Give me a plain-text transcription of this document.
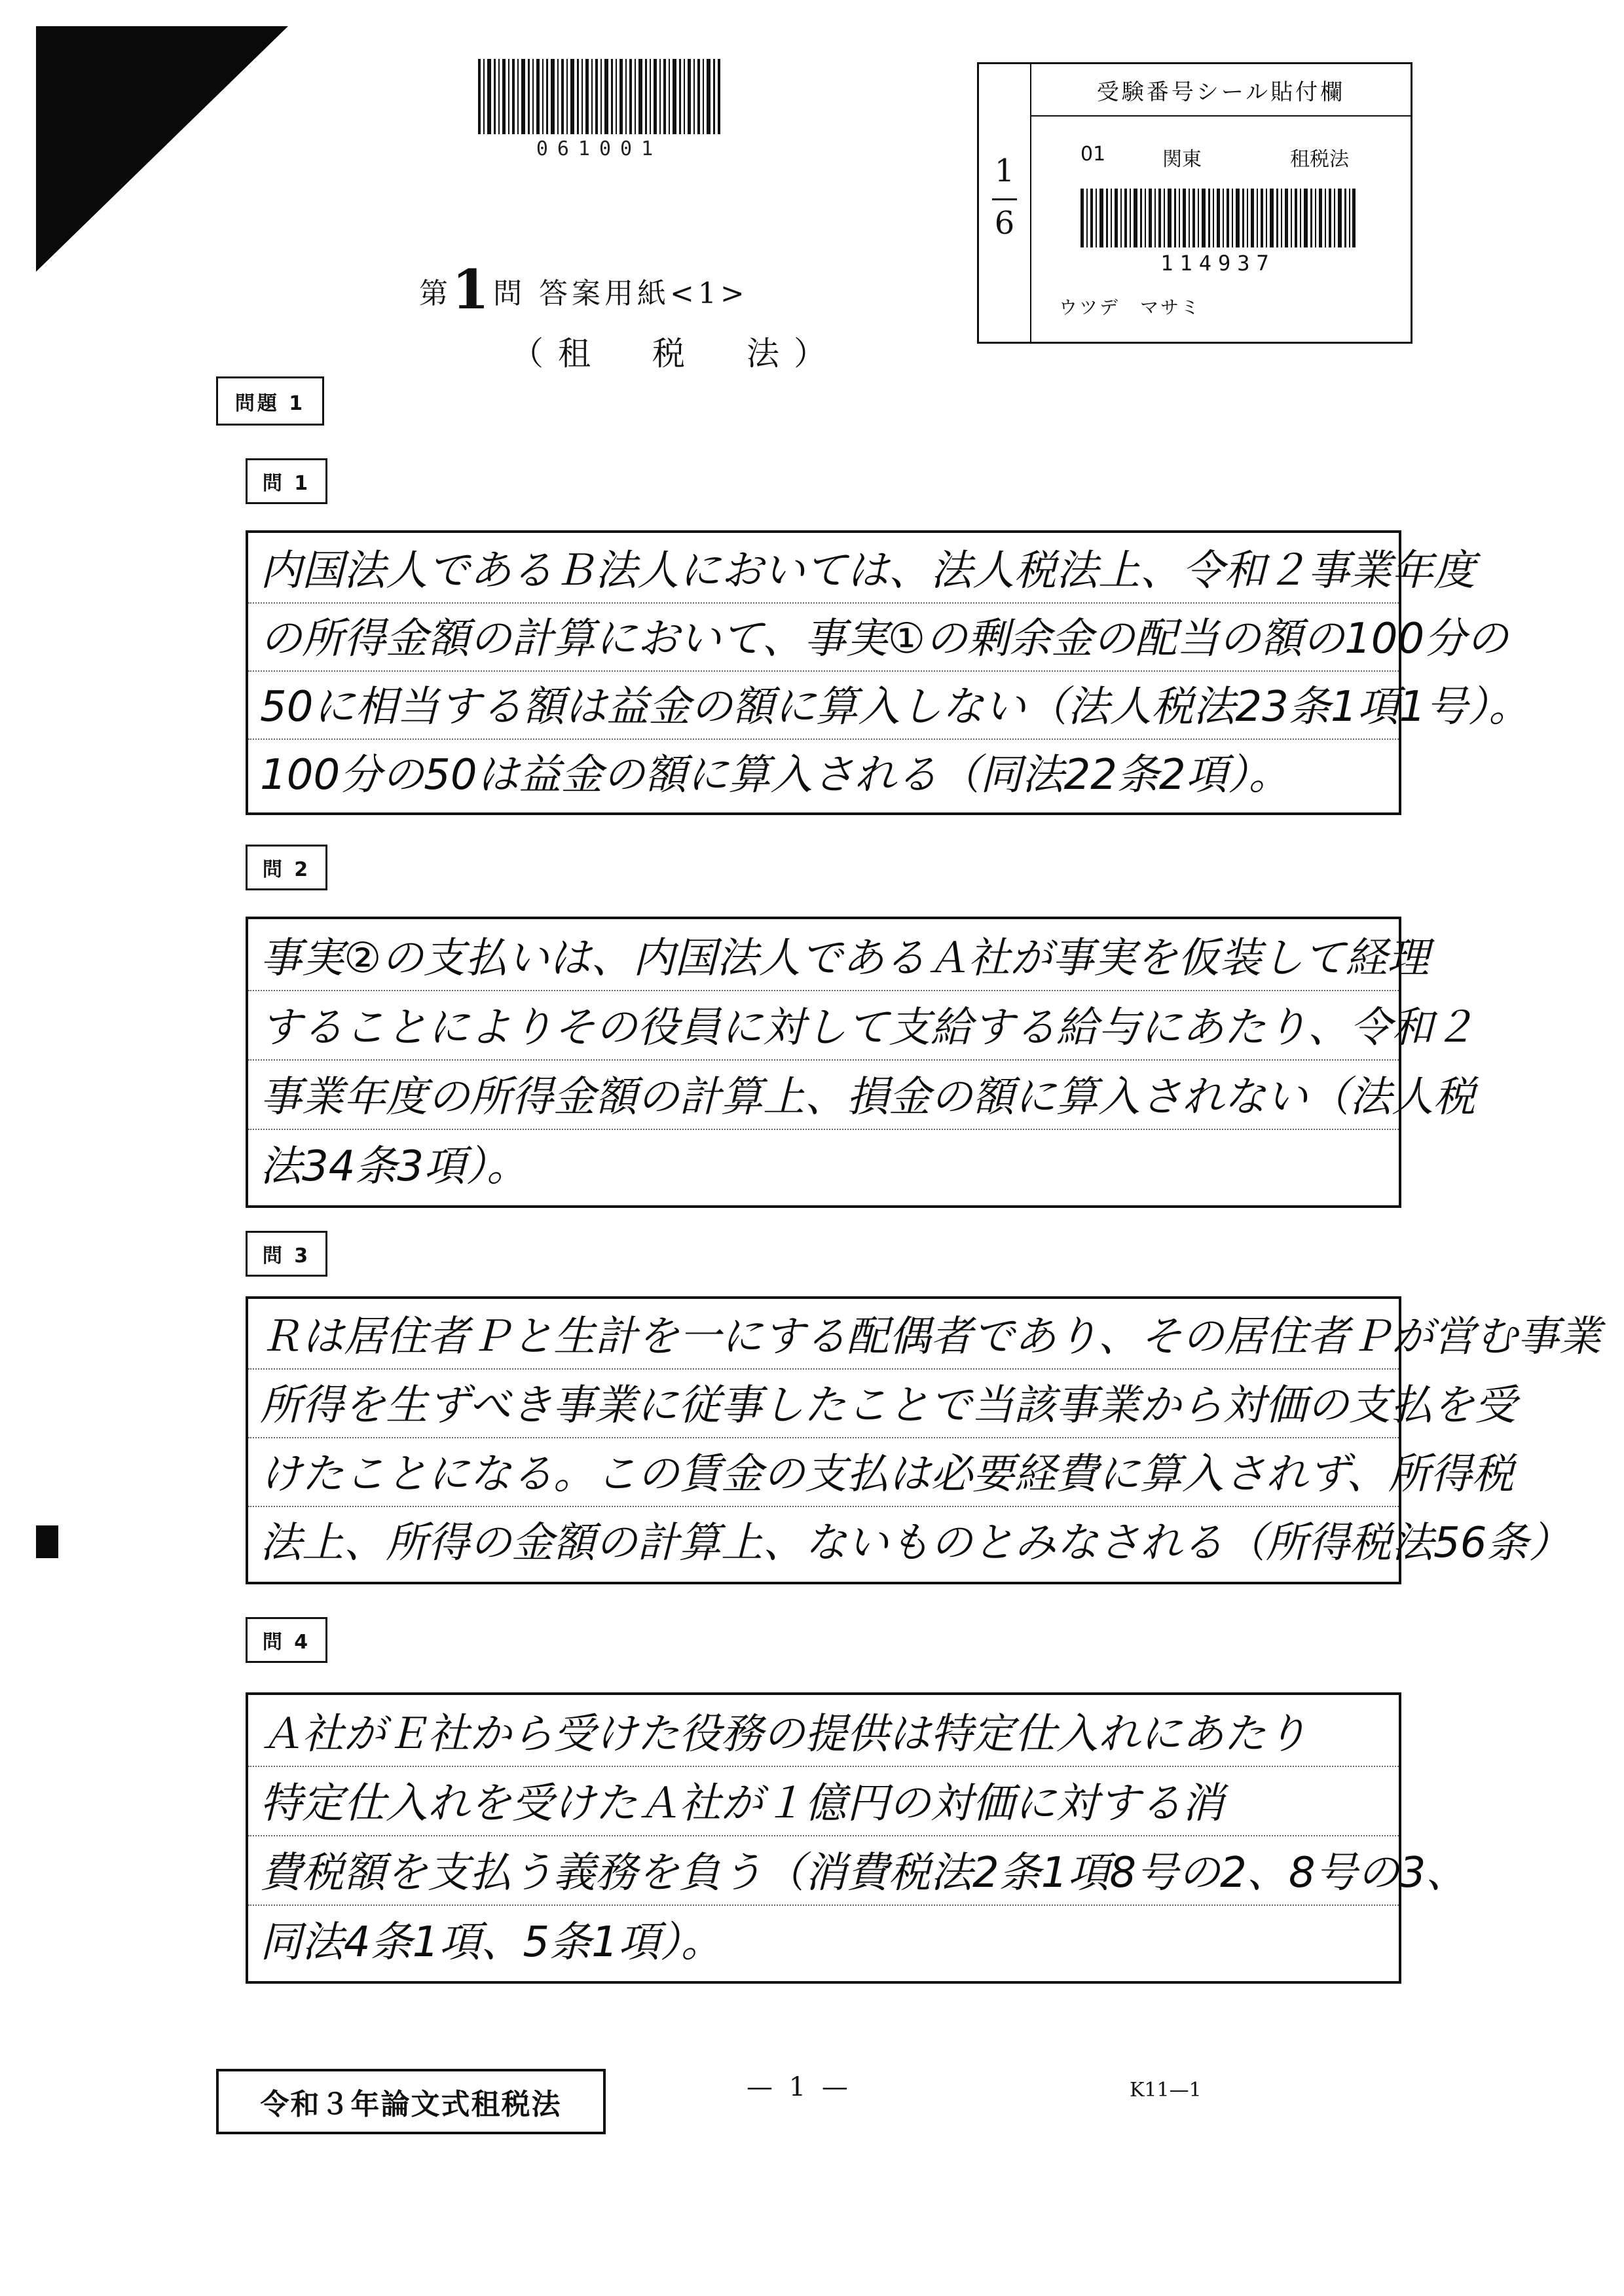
061001
1
6
受験番号シール貼付欄
01	関東	租税法
114937
ウツデ　マサミ
第1問 答案用紙<1>
（租　税　法）
問題 1
問 1
内国法人であるＢ法人においては、法人税法上、令和２事業年度
の所得金額の計算において、事実①の剰余金の配当の額の100分の
50に相当する額は益金の額に算入しない（法人税法23条1項1号）。
100分の50は益金の額に算入される（同法22条2項）。
問 2
事実②の支払いは、内国法人であるＡ社が事実を仮装して経理
することによりその役員に対して支給する給与にあたり、令和２
事業年度の所得金額の計算上、損金の額に算入されない（法人税
法34条3項）。
問 3
Ｒは居住者Ｐと生計を一にする配偶者であり、その居住者Ｐが営む事業
所得を生ずべき事業に従事したことで当該事業から対価の支払を受
けたことになる。この賃金の支払は必要経費に算入されず、所得税
法上、所得の金額の計算上、ないものとみなされる（所得税法56条）
問 4
Ａ社がＥ社から受けた役務の提供は特定仕入れにあたり
特定仕入れを受けたＡ社が１億円の対価に対する消
費税額を支払う義務を負う（消費税法2条1項8号の2、8号の3、
同法4条1項、5条1項）。
令和３年論文式租税法
— 1 —	K11—1
